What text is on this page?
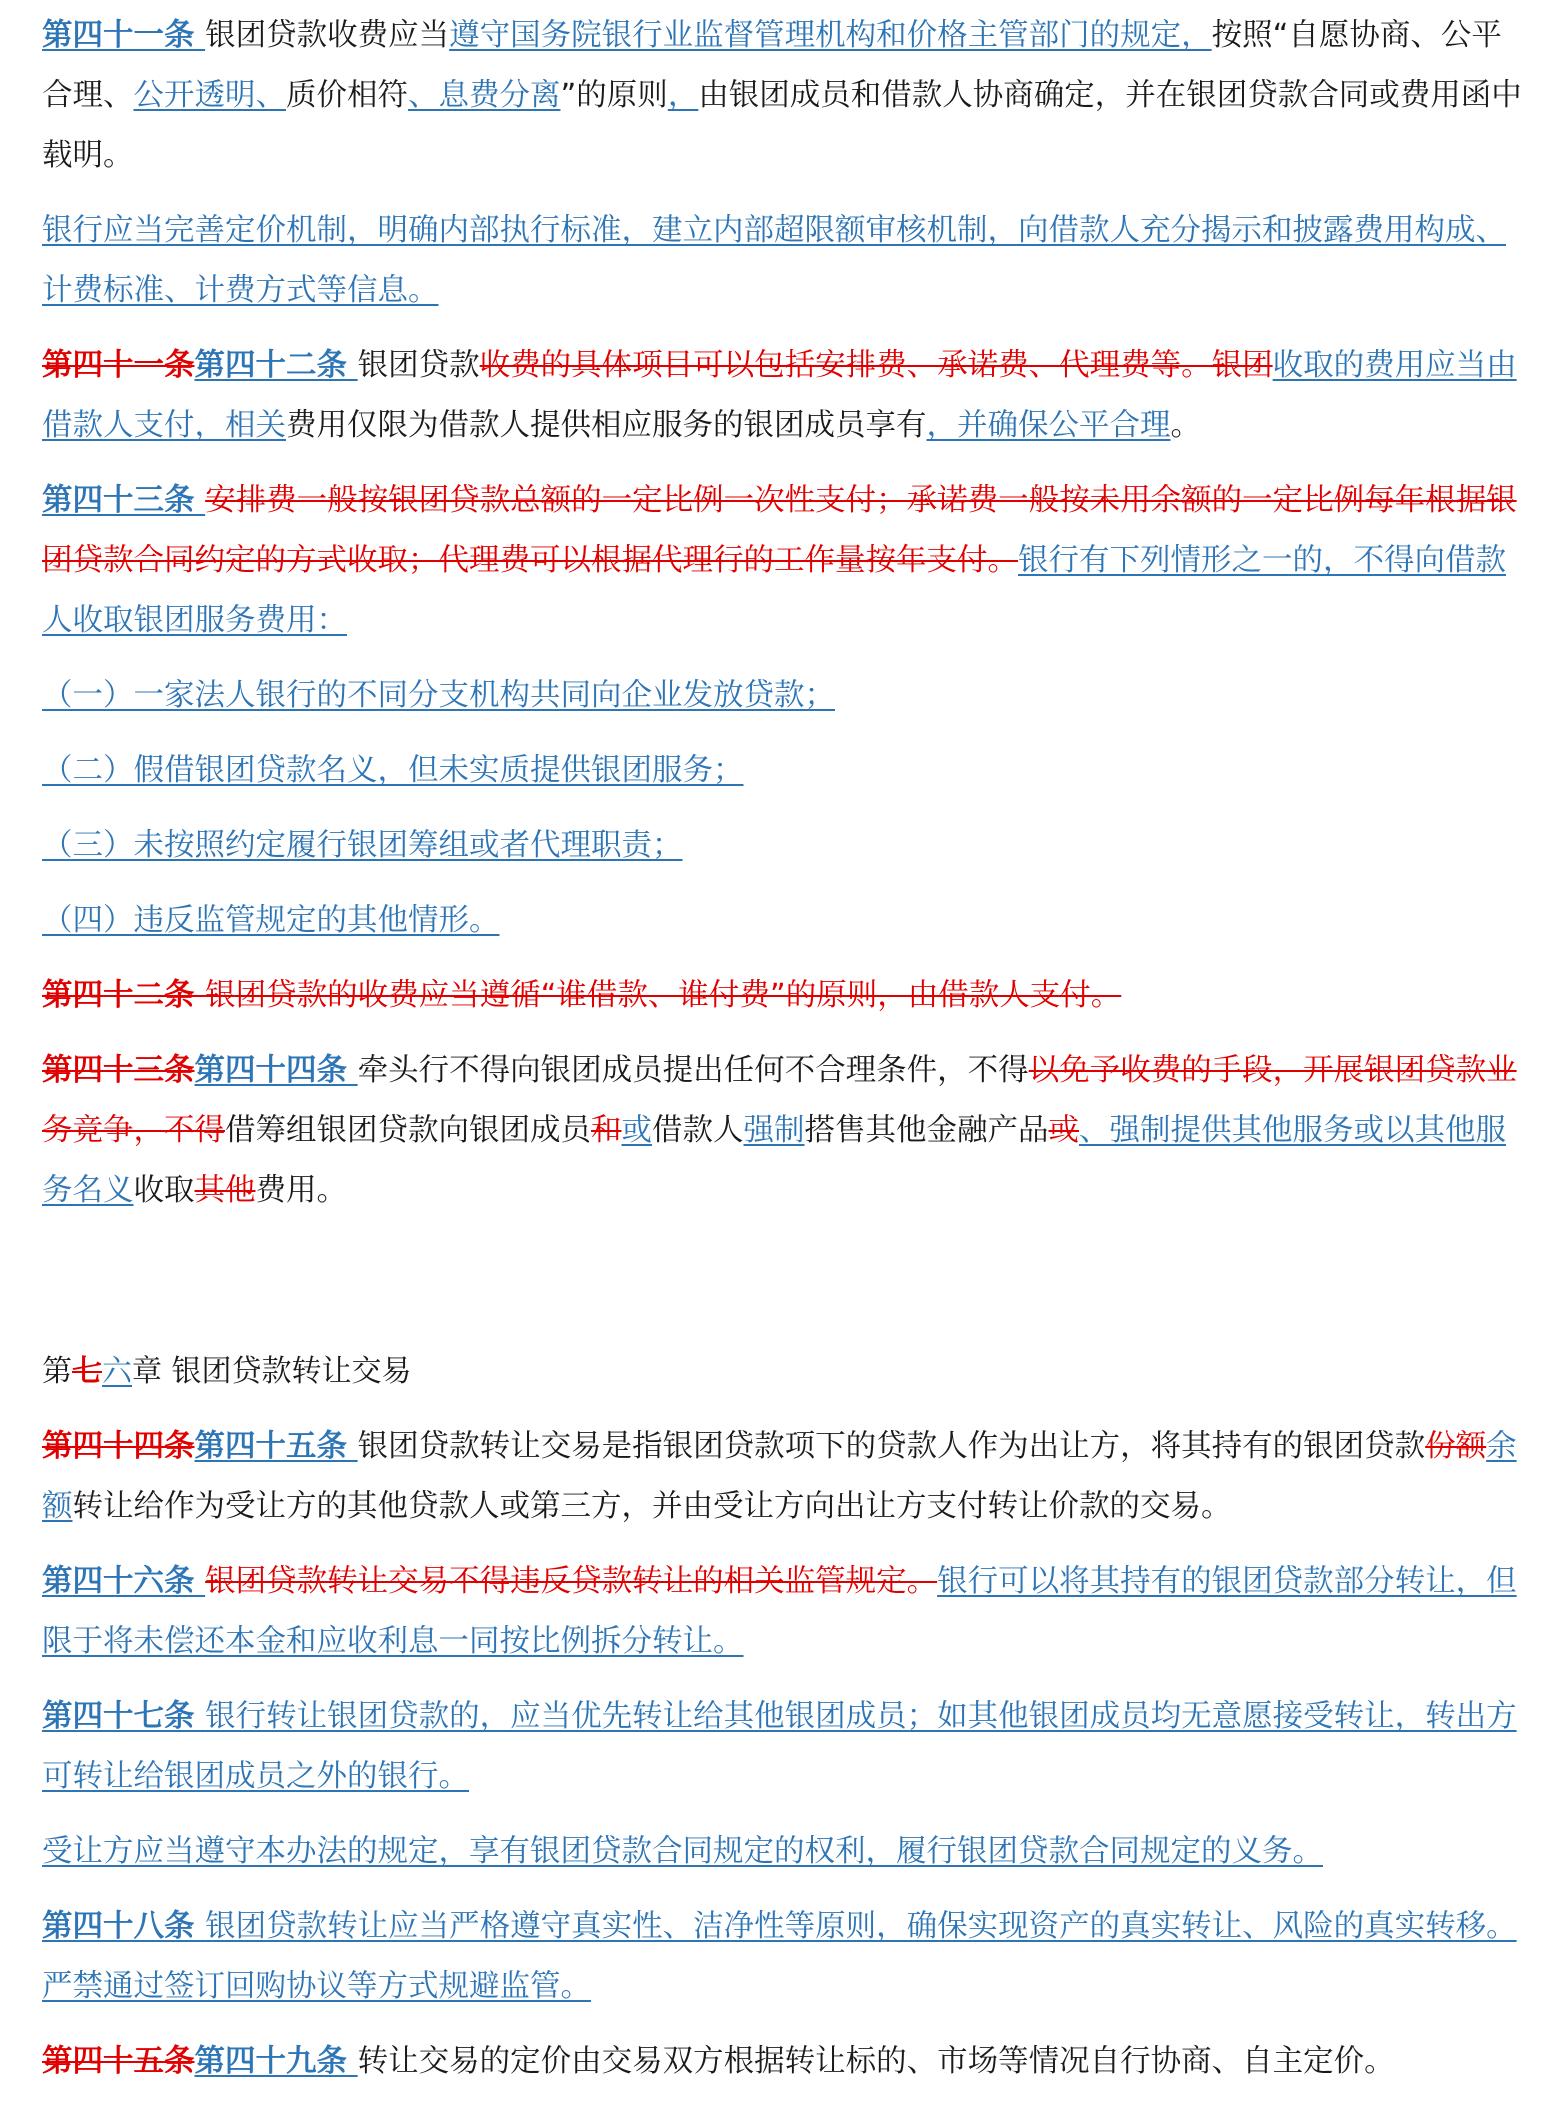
第四十一条 银团贷款收费应当遵守国务院银行业监督管理机构和价格主管部门的规定，按照“自愿协商、公平合理、公开透明、质价相符、息费分离”的原则，由银团成员和借款人协商确定，并在银团贷款合同或费用函中载明。

银行应当完善定价机制，明确内部执行标准，建立内部超限额审核机制，向借款人充分揭示和披露费用构成、计费标准、计费方式等信息。

第四十一条第四十二条 银团贷款收费的具体项目可以包括安排费、承诺费、代理费等。银团收取的费用应当由借款人支付，相关费用仅限为借款人提供相应服务的银团成员享有，并确保公平合理。

第四十三条 安排费一般按银团贷款总额的一定比例一次性支付；承诺费一般按未用余额的一定比例每年根据银团贷款合同约定的方式收取；代理费可以根据代理行的工作量按年支付。银行有下列情形之一的，不得向借款人收取银团服务费用：

（一）一家法人银行的不同分支机构共同向企业发放贷款；

（二）假借银团贷款名义，但未实质提供银团服务；

（三）未按照约定履行银团筹组或者代理职责；

（四）违反监管规定的其他情形。

第四十二条 银团贷款的收费应当遵循“谁借款、谁付费”的原则，由借款人支付。

第四十三条第四十四条 牵头行不得向银团成员提出任何不合理条件，不得以免予收费的手段，开展银团贷款业务竞争，不得借筹组银团贷款向银团成员和或借款人强制搭售其他金融产品或、强制提供其他服务或以其他服务名义收取其他费用。

第七六章 银团贷款转让交易

第四十四条第四十五条 银团贷款转让交易是指银团贷款项下的贷款人作为出让方，将其持有的银团贷款份额余额转让给作为受让方的其他贷款人或第三方，并由受让方向出让方支付转让价款的交易。

第四十六条 银团贷款转让交易不得违反贷款转让的相关监管规定。银行可以将其持有的银团贷款部分转让，但限于将未偿还本金和应收利息一同按比例拆分转让。

第四十七条 银行转让银团贷款的，应当优先转让给其他银团成员；如其他银团成员均无意愿接受转让，转出方可转让给银团成员之外的银行。

受让方应当遵守本办法的规定，享有银团贷款合同规定的权利，履行银团贷款合同规定的义务。

第四十八条 银团贷款转让应当严格遵守真实性、洁净性等原则，确保实现资产的真实转让、风险的真实转移。严禁通过签订回购协议等方式规避监管。

第四十五条第四十九条 转让交易的定价由交易双方根据转让标的、市场等情况自行协商、自主定价。
